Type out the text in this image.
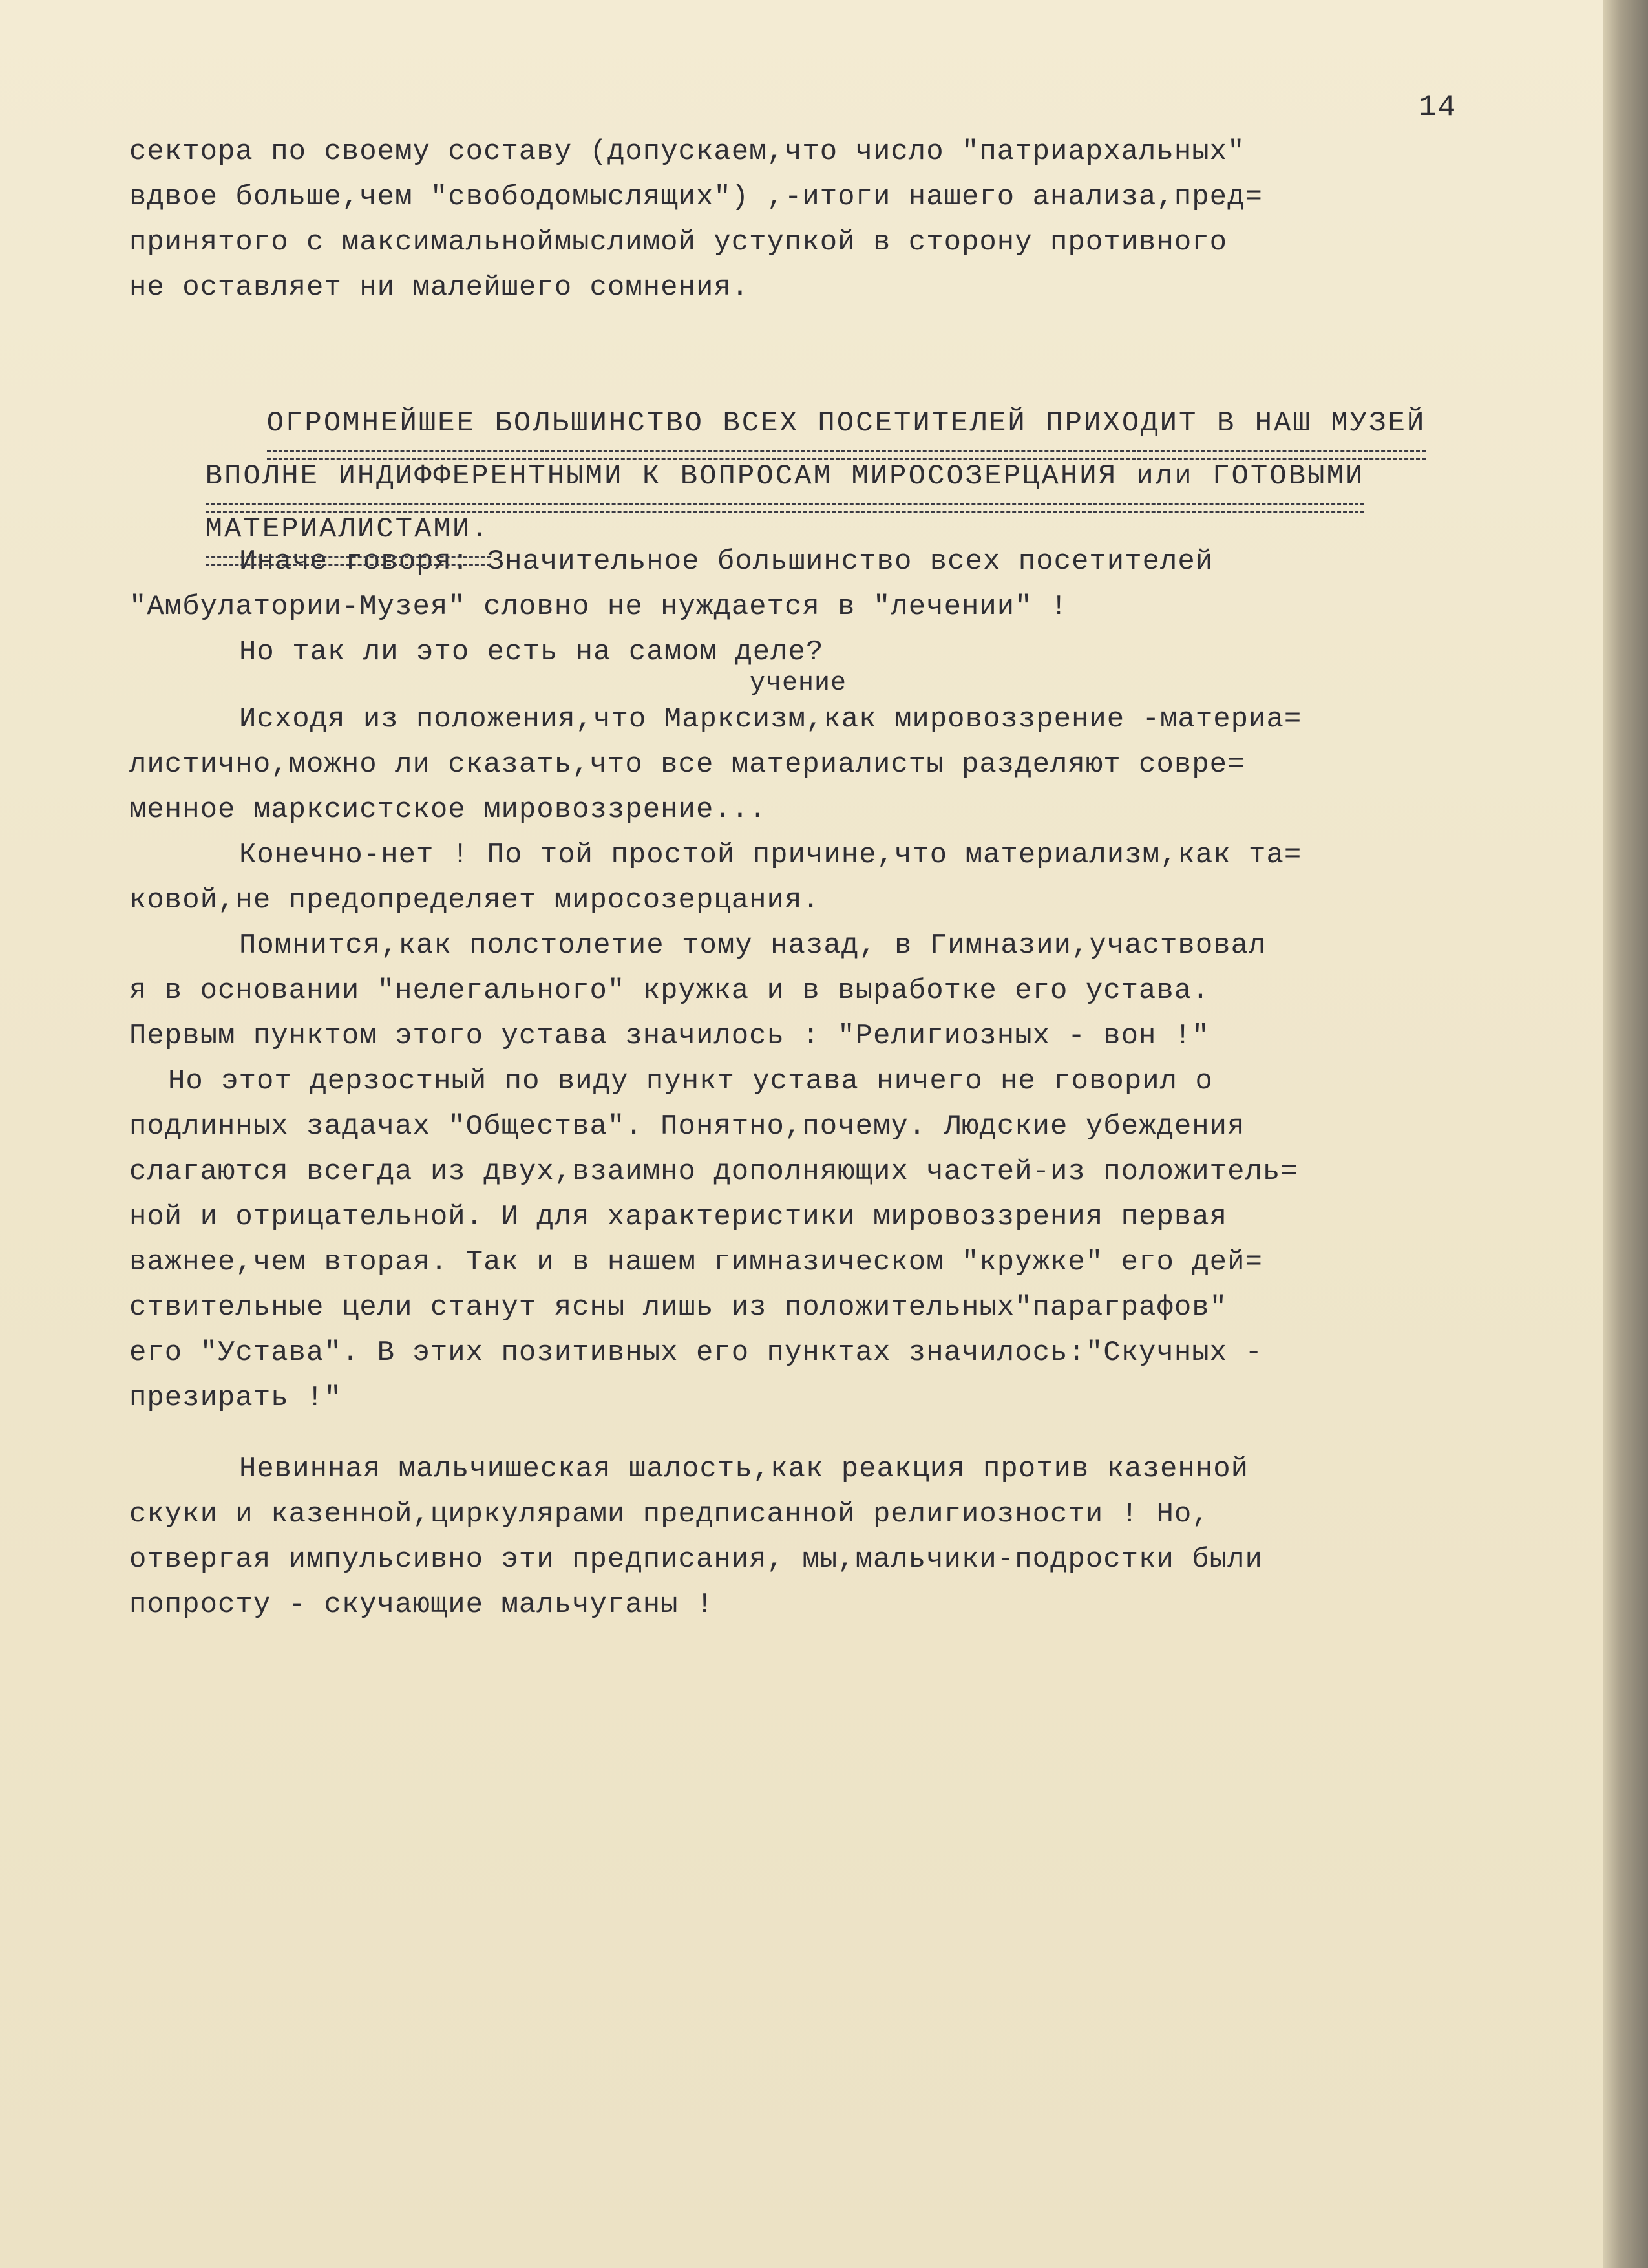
14
сектора по своему составу (допускаем,что число "патриархальных"
вдвое больше,чем "свободомыслящих") ,-итоги нашего анализа,пред=
принятого с максимальноймыслимой уступкой в сторону противного
не оставляет ни малейшего сомнения.

ОГРОМНЕЙШЕЕ БОЛЬШИНСТВО ВСЕХ ПОСЕТИТЕЛЕЙ ПРИХОДИТ В НАШ МУЗЕЙ

ВПОЛНЕ ИНДИФФЕРЕНТНЫМИ К ВОПРОСАМ МИРОСОЗЕРЦАНИЯ или ГОТОВЫМИ

МАТЕРИАЛИСТАМИ.

Иначе говоря: Значительное большинство всех посетителей
"Амбулатории-Музея" словно не нуждается в "лечении" !
Но так ли это есть на самом деле?
учение
Исходя из положения,что Марксизм,как мировоззрение -материа=
листично,можно ли сказать,что все материалисты разделяют совре=
менное марксистское мировоззрение...
Конечно-нет ! По той простой причине,что материализм,как та=
ковой,не предопределяет миросозерцания.
Помнится,как полстолетие тому назад, в Гимназии,участвовал
я в основании "нелегального" кружка и в выработке его устава.
Первым пунктом этого устава значилось : "Религиозных - вон !"
Но этот дерзостный по виду пункт устава ничего не говорил о
подлинных задачах "Общества". Понятно,почему. Людские убеждения
слагаются всегда из двух,взаимно дополняющих частей-из положитель=
ной и отрицательной. И для характеристики мировоззрения первая
важнее,чем вторая. Так и в нашем гимназическом "кружке" его дей=
ствительные цели станут ясны лишь из положительных"параграфов"
его "Устава". В этих позитивных его пунктах значилось:"Скучных -
презирать !"
Невинная мальчишеская шалость,как реакция против казенной
скуки и казенной,циркулярами предписанной религиозности ! Но,
отвергая импульсивно эти предписания, мы,мальчики-подростки были
попросту - скучающие мальчуганы !
